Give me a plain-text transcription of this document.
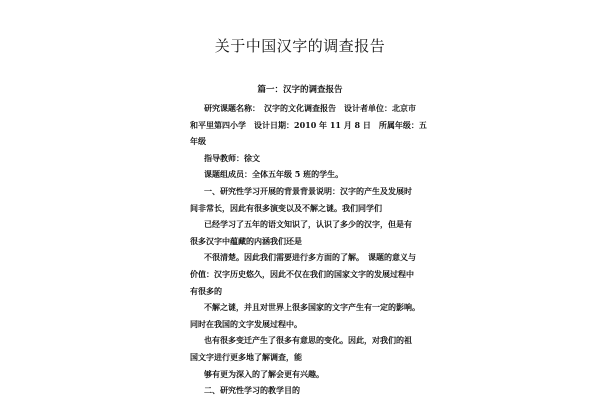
关于中国汉字的调查报告
篇一：汉字的调查报告
研究课题名称：　汉字的文化调查报告　设计者单位：北京市
和平里第四小学　设计日期：2010 年 11 月 8 日　所属年级：五
年级
指导教师：徐文
课题组成员：全体五年级 5 班的学生。
一、研究性学习开展的背景背景说明：汉字的产生及发展时
间非常长，因此有很多演变以及不解之谜。我们同学们
已经学习了五年的语文知识了，认识了多少的汉字，但是有
很多汉字中蕴藏的内涵我们还是
不很清楚。因此我们需要进行多方面的了解。　课题的意义与
价值：汉字历史悠久，因此不仅在我们的国家文字的发展过程中
有很多的
不解之谜，并且对世界上很多国家的文字产生有一定的影响。
同时在我国的文字发展过程中。
也有很多变迁产生了很多有意思的变化。因此，对我们的祖
国文字进行更多地了解调查，能
够有更为深入的了解会更有兴趣。
二、研究性学习的教学目的
